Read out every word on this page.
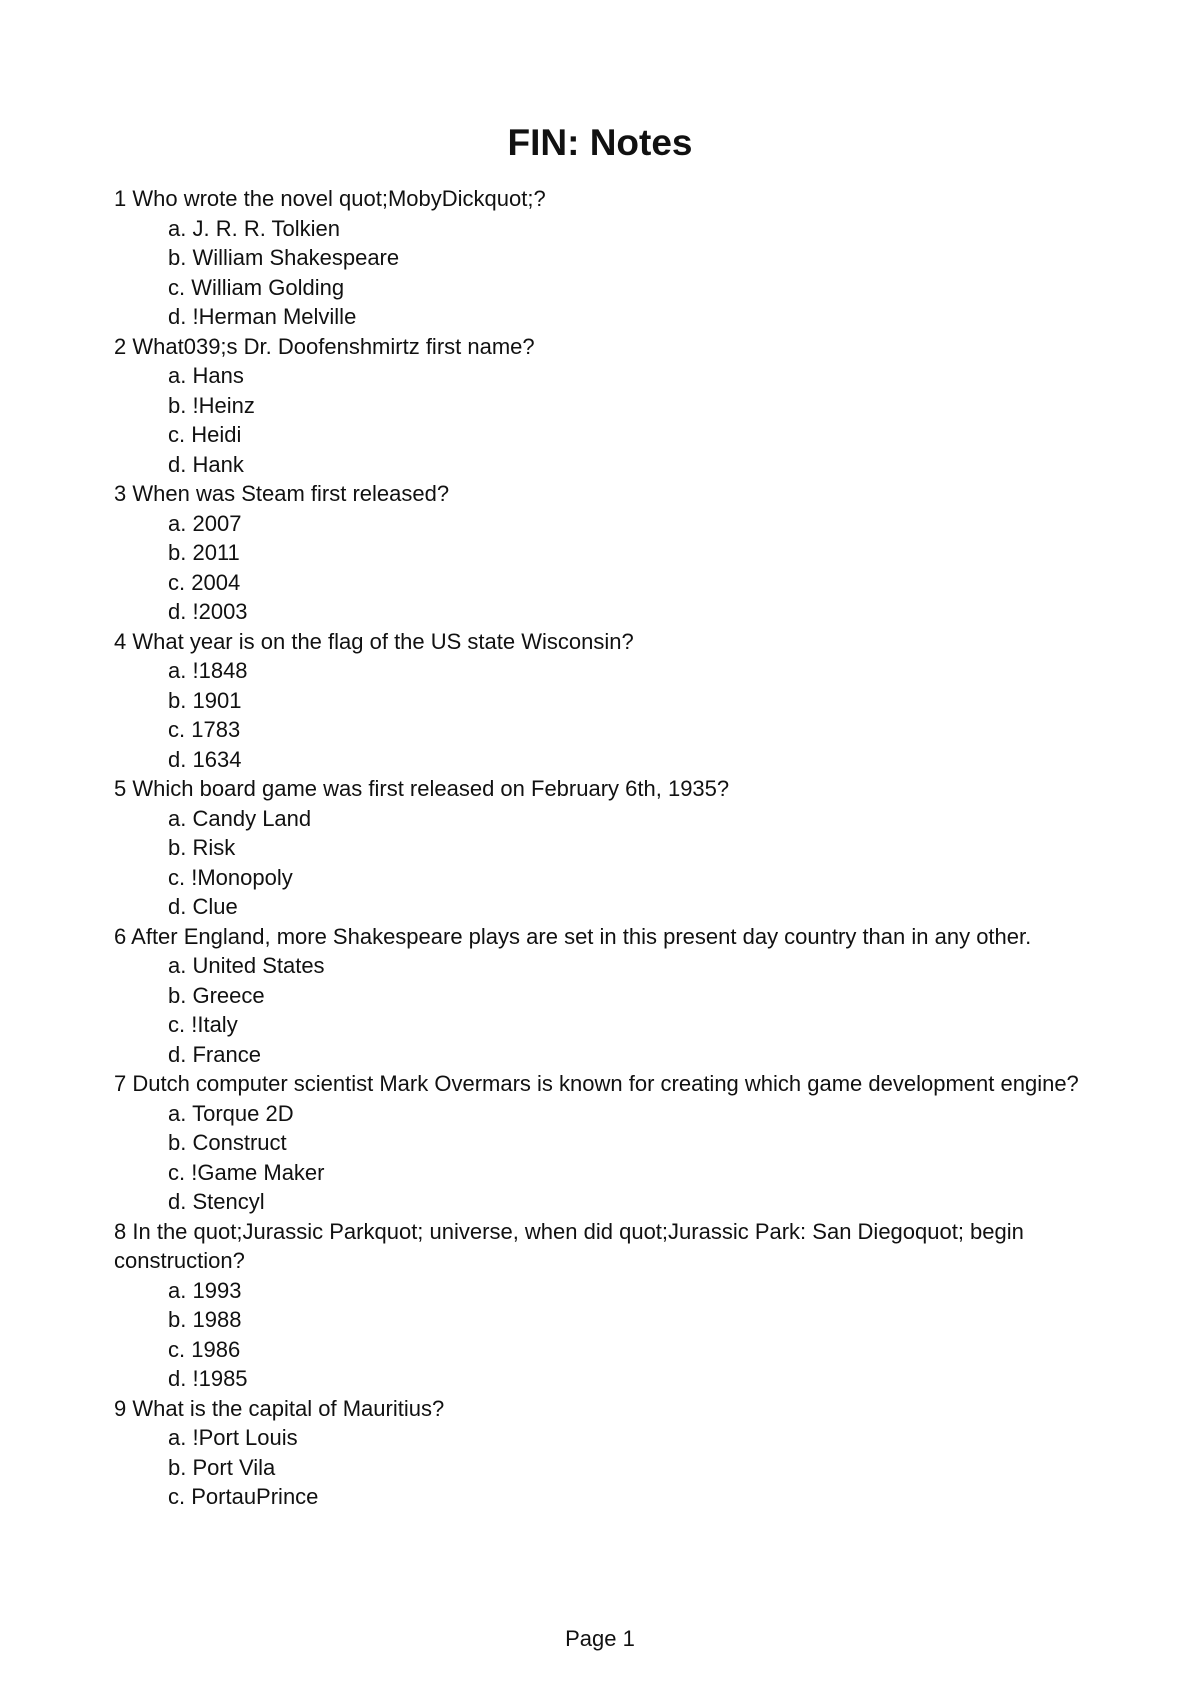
FIN: Notes
1 Who wrote the novel quot;MobyDickquot;?
a . J. R. R. Tolkien
b . William Shakespeare
c . William Golding
d . !Herman Melville
2 What039;s Dr. Doofenshmirtz first name?
a . Hans
b . !Heinz
c . Heidi
d . Hank
3 When was Steam first released?
a . 2007
b . 2011
c . 2004
d . !2003
4 What year is on the flag of the US state Wisconsin?
a . !1848
b . 1901
c . 1783
d . 1634
5 Which board game was first released on February 6th, 1935?
a . Candy Land
b . Risk
c . !Monopoly
d . Clue
6 After England, more Shakespeare plays are set in this present day country than in any other.
a . United States
b . Greece
c . !Italy
d . France
7 Dutch computer scientist Mark Overmars is known for creating which game development engine?
a . Torque 2D
b . Construct
c . !Game Maker
d . Stencyl
8 In the quot;Jurassic Parkquot; universe, when did quot;Jurassic Park: San Diegoquot; begin construction?
a . 1993
b . 1988
c . 1986
d . !1985
9 What is the capital of Mauritius?
a . !Port Louis
b . Port Vila
c . PortauPrince
Page 1
